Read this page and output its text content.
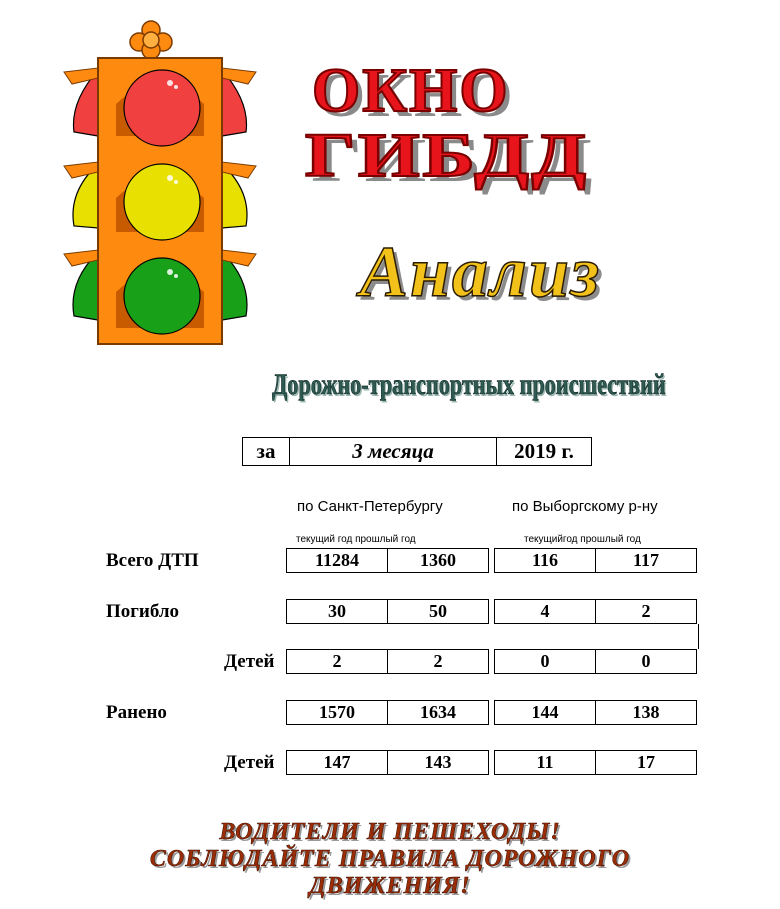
ОКНО
ГИБДД
Анализ
Дорожно-транспортных происшествий
за	3 месяца	2019 г.
по Санкт-Петербургу	по Выборгскому р-ну
текущий год прошлый год	текущийгод прошлый год
Всего ДТП	11284	1360	116	117
Погибло	30	50	4	2
Детей	2	2	0	0
Ранено	1570	1634	144	138
Детей	147	143	11	17
ВОДИТЕЛИ И ПЕШЕХОДЫ!
СОБЛЮДАЙТЕ ПРАВИЛА ДОРОЖНОГО
ДВИЖЕНИЯ!
